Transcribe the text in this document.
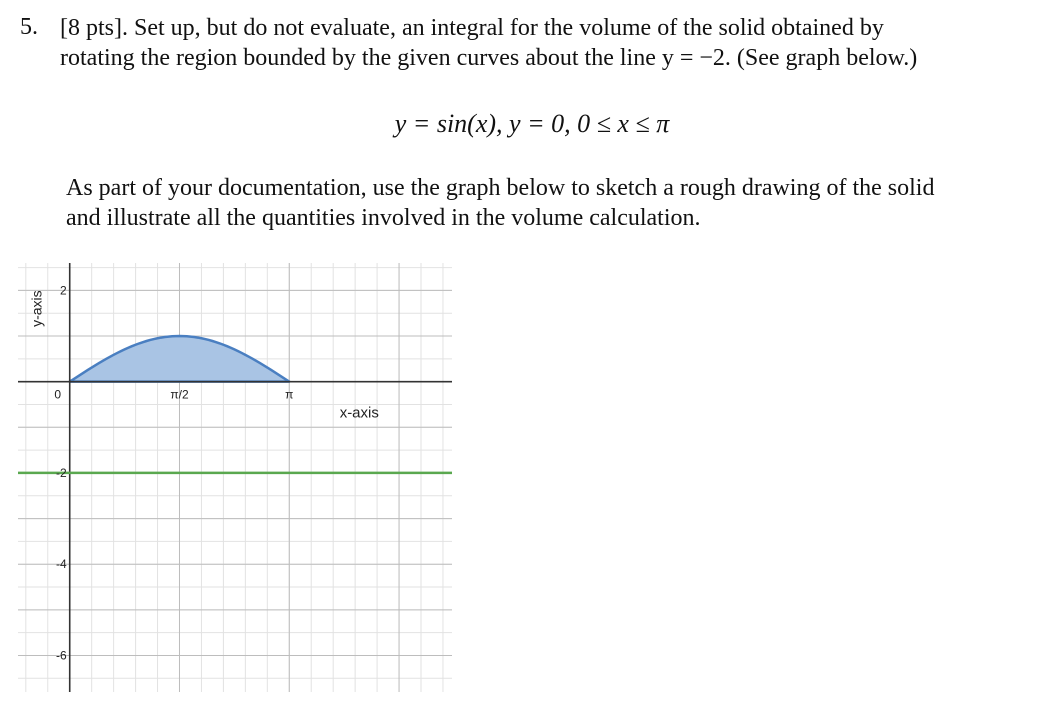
5. [8 pts]. Set up, but do not evaluate, an integral for the volume of the solid obtained by
rotating the region bounded by the given curves about the line y = −2. (See graph below.)
y = sin(x), y = 0, 0 ≤ x ≤ π
As part of your documentation, use the graph below to sketch a rough drawing of the solid
and illustrate all the quantities involved in the volume calculation.
0	π/2	π
2
-2
-4
-6
x-axis
y-axis
